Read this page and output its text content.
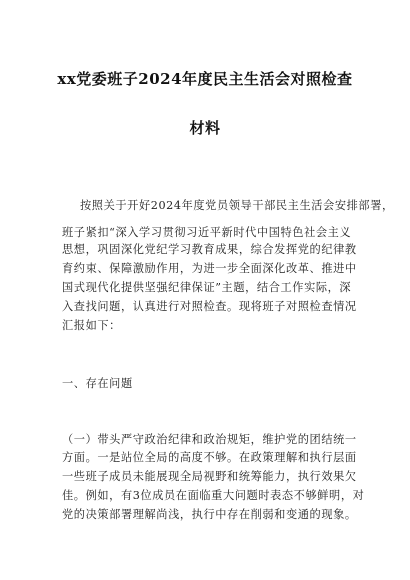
xx党委班子2024年度民主生活会对照检查
材料
按照关于开好2024年度党员领导干部民主生活会安排部署，
班子紧扣“深入学习贯彻习近平新时代中国特色社会主义
思想，巩固深化党纪学习教育成果，综合发挥党的纪律教
育约束、保障激励作用，为进一步全面深化改革、推进中
国式现代化提供坚强纪律保证”主题，结合工作实际，深
入查找问题，认真进行对照检查。现将班子对照检查情况
汇报如下：
一、存在问题
（一）带头严守政治纪律和政治规矩，维护党的团结统一
方面。一是站位全局的高度不够。在政策理解和执行层面
一些班子成员未能展现全局视野和统筹能力，执行效果欠
佳。例如，有3位成员在面临重大问题时表态不够鲜明，对
党的决策部署理解尚浅，执行中存在削弱和变通的现象。
